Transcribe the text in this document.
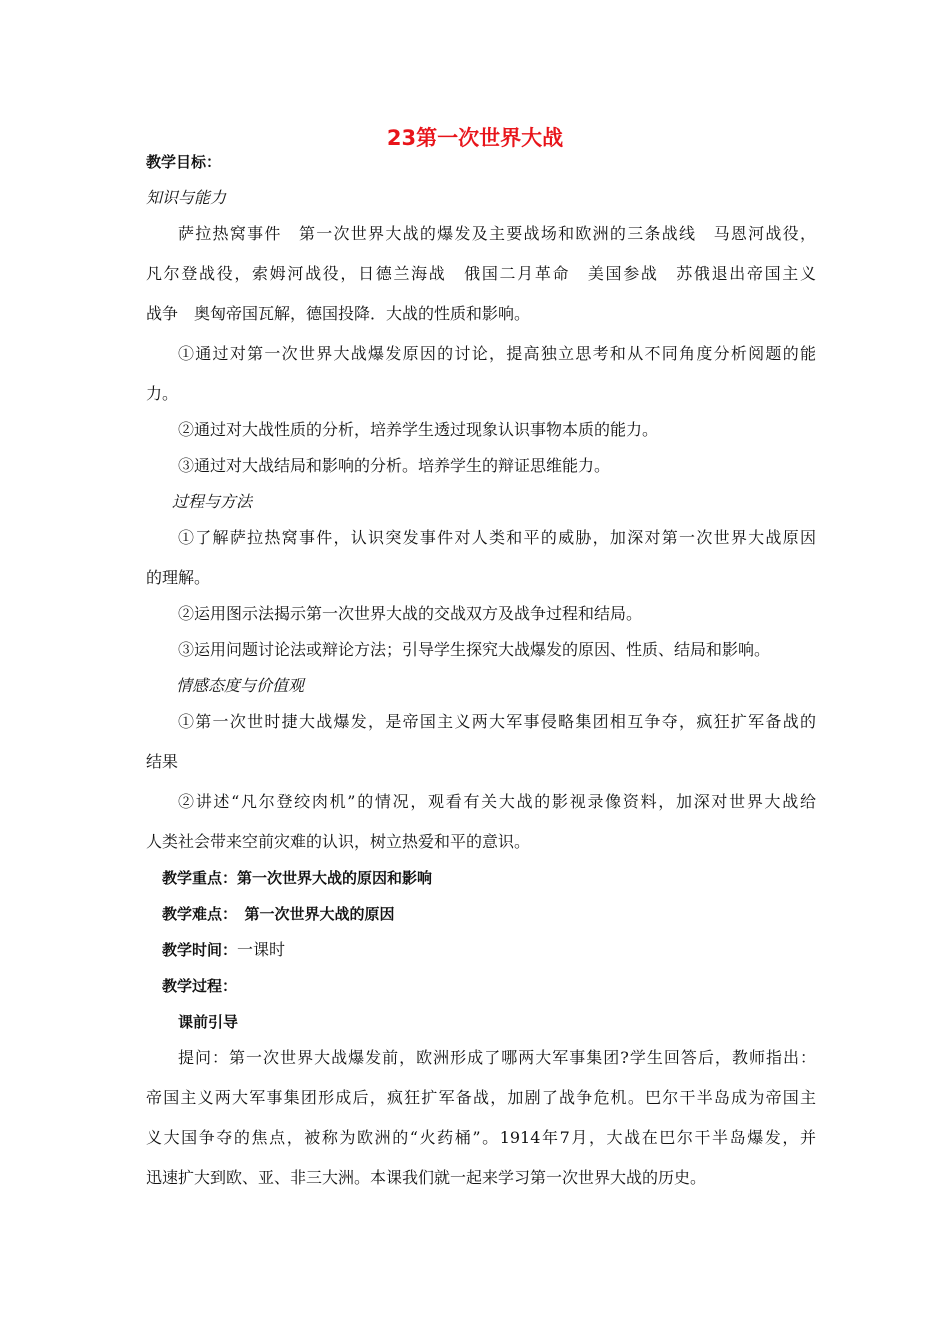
23第一次世界大战
教学目标：
知识与能力
萨拉热窝事件　第一次世界大战的爆发及主要战场和欧洲的三条战线　马恩河战役，
凡尔登战役，索姆河战役，日德兰海战　俄国二月革命　美国参战　苏俄退出帝国主义
战争　奥匈帝国瓦解，德国投降．大战的性质和影响。
①通过对第一次世界大战爆发原因的讨论，提高独立思考和从不同角度分析阅题的能
力。
②通过对大战性质的分析，培养学生透过现象认识事物本质的能力。
③通过对大战结局和影响的分析。培养学生的辩证思维能力。
过程与方法
①了解萨拉热窝事件，认识突发事件对人类和平的威胁，加深对第一次世界大战原因
的理解。
②运用图示法揭示第一次世界大战的交战双方及战争过程和结局。
③运用问题讨论法或辩论方法；引导学生探究大战爆发的原因、性质、结局和影响。
情感态度与价值观
①第一次世时捷大战爆发，是帝国主义两大军事侵略集团相互争夺，疯狂扩军备战的
结果
②讲述“凡尔登绞肉机”的情况，观看有关大战的影视录像资料，加深对世界大战给
人类社会带来空前灾难的认识，树立热爱和平的意识。
教学重点：第一次世界大战的原因和影响
教学难点：　第一次世界大战的原因
教学时间：一课时
教学过程：
课前引导
提问：第一次世界大战爆发前，欧洲形成了哪两大军事集团?学生回答后，教师指出：
帝国主义两大军事集团形成后，疯狂扩军备战，加剧了战争危机。巴尔干半岛成为帝国主
义大国争夺的焦点，被称为欧洲的“火药桶”。1914年7月，大战在巴尔干半岛爆发，并
迅速扩大到欧、亚、非三大洲。本课我们就一起来学习第一次世界大战的历史。
